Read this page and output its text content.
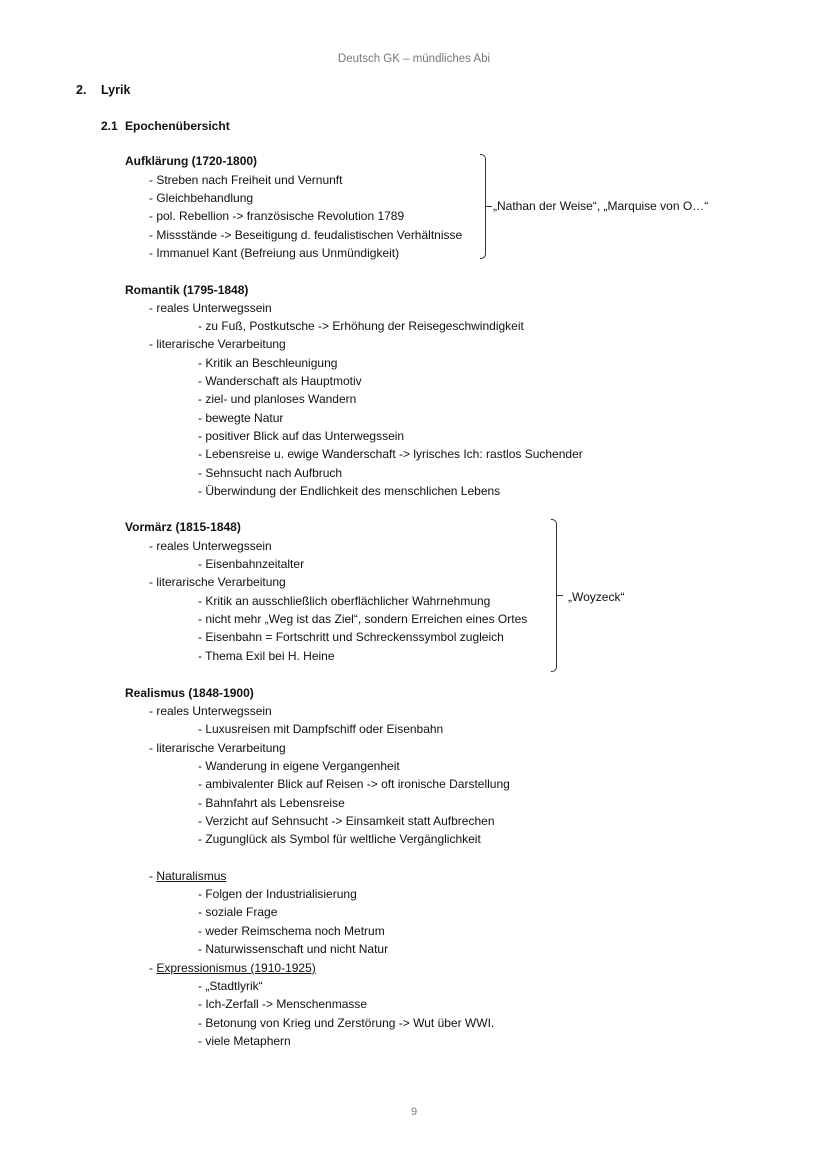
Deutsch GK – mündliches Abi
2. Lyrik
2.1 Epochenübersicht
Aufklärung (1720-1800)
- Streben nach Freiheit und Vernunft
- Gleichbehandlung
- pol. Rebellion -> französische Revolution 1789
- Missstände -> Beseitigung d. feudalistischen Verhältnisse
- Immanuel Kant (Befreiung aus Unmündigkeit)
„Nathan der Weise“, „Marquise von O…“
Romantik (1795-1848)
- reales Unterwegssein
- zu Fuß, Postkutsche -> Erhöhung der Reisegeschwindigkeit
- literarische Verarbeitung
- Kritik an Beschleunigung
- Wanderschaft als Hauptmotiv
- ziel- und planloses Wandern
- bewegte Natur
- positiver Blick auf das Unterwegssein
- Lebensreise u. ewige Wanderschaft -> lyrisches Ich: rastlos Suchender
- Sehnsucht nach Aufbruch
- Überwindung der Endlichkeit des menschlichen Lebens
Vormärz (1815-1848)
- reales Unterwegssein
- Eisenbahnzeitalter
- literarische Verarbeitung
- Kritik an ausschließlich oberflächlicher Wahrnehmung
- nicht mehr „Weg ist das Ziel“, sondern Erreichen eines Ortes
- Eisenbahn = Fortschritt und Schreckenssymbol zugleich
- Thema Exil bei H. Heine
„Woyzeck“
Realismus (1848-1900)
- reales Unterwegssein
- Luxusreisen mit Dampfschiff oder Eisenbahn
- literarische Verarbeitung
- Wanderung in eigene Vergangenheit
- ambivalenter Blick auf Reisen -> oft ironische Darstellung
- Bahnfahrt als Lebensreise
- Verzicht auf Sehnsucht -> Einsamkeit statt Aufbrechen
- Zugunglück als Symbol für weltliche Vergänglichkeit
- Naturalismus
- Folgen der Industrialisierung
- soziale Frage
- weder Reimschema noch Metrum
- Naturwissenschaft und nicht Natur
- Expressionismus (1910-1925)
- „Stadtlyrik“
- Ich-Zerfall -> Menschenmasse
- Betonung von Krieg und Zerstörung -> Wut über WWI.
- viele Metaphern
9
